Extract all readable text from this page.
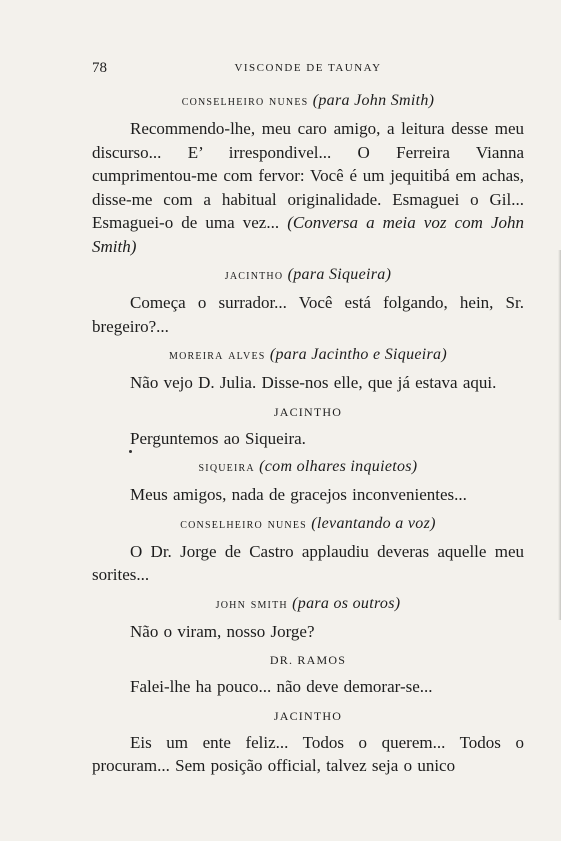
78	VISCONDE DE TAUNAY

conselheiro nunes (para John Smith)

Recommendo-lhe, meu caro amigo, a leitura desse meu discurso... E’ irrespondivel... O Ferreira Vianna cumprimentou-me com fervor: Você é um jequitibá em achas, disse-me com a habitual originalidade. Esmaguei o Gil... Esmaguei-o de uma vez... (Conversa a meia voz com John Smith)

jacintho (para Siqueira)

Começa o surrador... Você está folgando, hein, Sr. bregeiro?...

moreira alves (para Jacintho e Siqueira)

Não vejo D. Julia. Disse-nos elle, que já estava aqui.

JACINTHO

Perguntemos ao Siqueira.

siqueira (com olhares inquietos)

Meus amigos, nada de gracejos inconvenientes...

conselheiro nunes (levantando a voz)

O Dr. Jorge de Castro applaudiu deveras aquelle meu sorites...

john smith (para os outros)

Não o viram, nosso Jorge?

DR. RAMOS

Falei-lhe ha pouco... não deve demorar-se...

JACINTHO

Eis um ente feliz... Todos o querem... Todos o procuram... Sem posição official, talvez seja o unico
